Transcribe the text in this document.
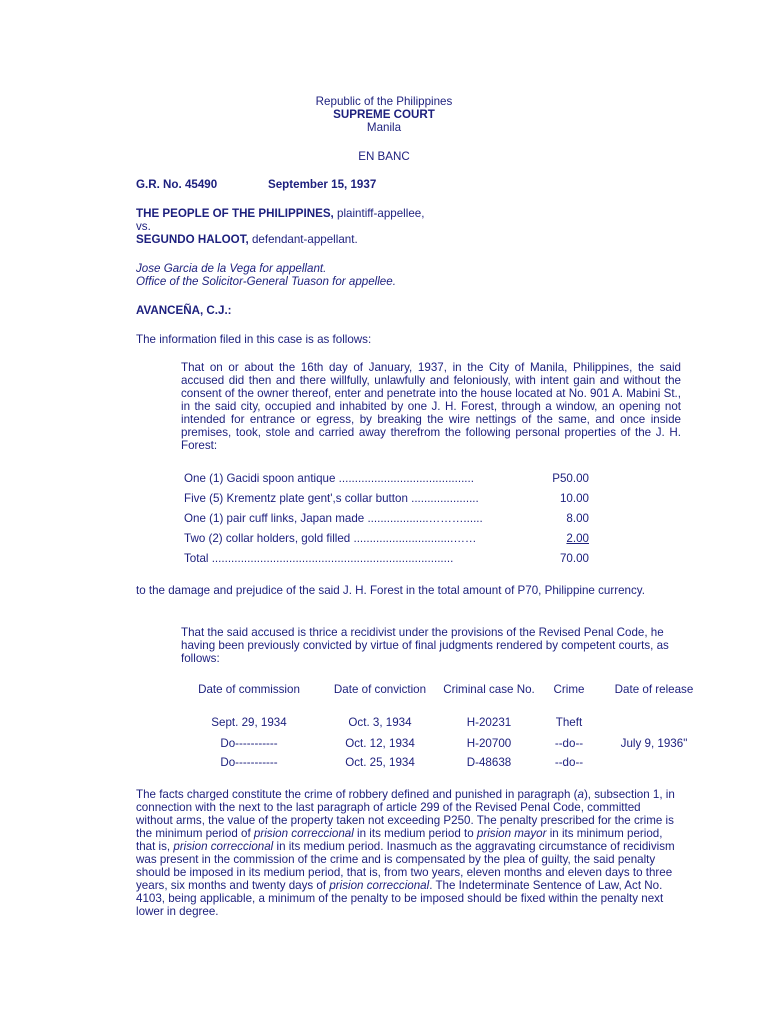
Republic of the Philippines
SUPREME COURT
Manila
EN BANC
G.R. No. 45490	September 15, 1937
THE PEOPLE OF THE PHILIPPINES, plaintiff-appellee,
vs.
SEGUNDO HALOOT, defendant-appellant.
Jose Garcia de la Vega for appellant.
Office of the Solicitor-General Tuason for appellee.
AVANCEÑA, C.J.:
The information filed in this case is as follows:
That on or about the 16th day of January, 1937, in the City of Manila, Philippines, the said accused did then and there willfully, unlawfully and feloniously, with intent gain and without the consent of the owner thereof, enter and penetrate into the house located at No. 901 A. Mabini St., in the said city, occupied and inhabited by one J. H. Forest, through a window, an opening not intended for entrance or egress, by breaking the wire nettings of the same, and once inside premises, took, stole and carried away therefrom the following personal properties of the J. H. Forest:
One (1) Gacidi spoon antique ..........................................	P50.00
Five (5) Krementz plate gent',s collar button .....................	10.00
One (1) pair cuff links, Japan made ...................………......	8.00
Two (2) collar holders, gold filled ...............................……	2.00
Total ...........................................................................	70.00
to the damage and prejudice of the said J. H. Forest in the total amount of P70, Philippine currency.
That the said accused is thrice a recidivist under the provisions of the Revised Penal Code, he having been previously convicted by virtue of final judgments rendered by competent courts, as follows:
Date of commission	Date of conviction	Criminal case No.	Crime	Date of release
Sept. 29, 1934	Oct. 3, 1934	H-20231	Theft
Do-----------	Oct. 12, 1934	H-20700	--do--	July 9, 1936"
Do-----------	Oct. 25, 1934	D-48638	--do--
The facts charged constitute the crime of robbery defined and punished in paragraph (a), subsection 1, in connection with the next to the last paragraph of article 299 of the Revised Penal Code, committed without arms, the value of the property taken not exceeding P250. The penalty prescribed for the crime is the minimum period of prision correccional in its medium period to prision mayor in its minimum period, that is, prision correccional in its medium period. Inasmuch as the aggravating circumstance of recidivism was present in the commission of the crime and is compensated by the plea of guilty, the said penalty should be imposed in its medium period, that is, from two years, eleven months and eleven days to three years, six months and twenty days of prision correccional. The Indeterminate Sentence of Law, Act No. 4103, being applicable, a minimum of the penalty to be imposed should be fixed within the penalty next lower in degree.
